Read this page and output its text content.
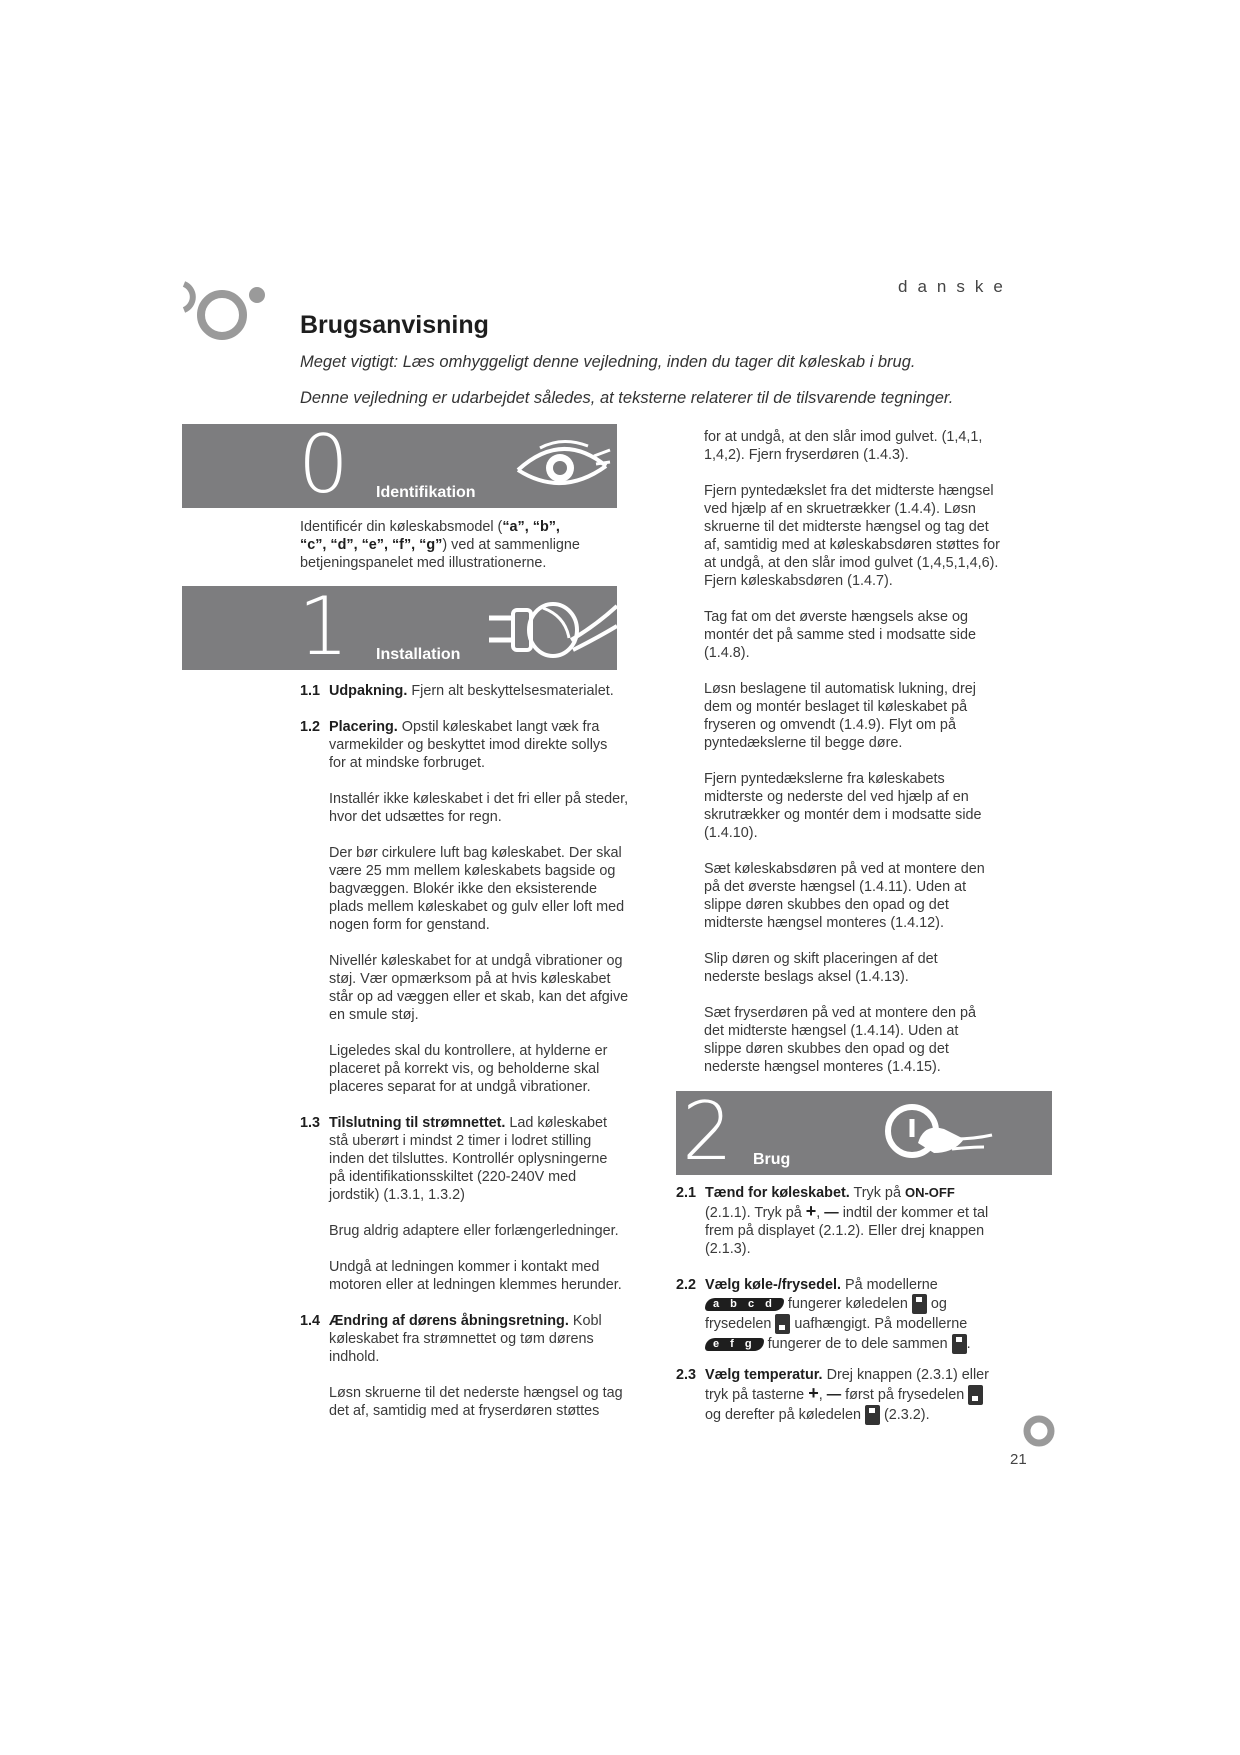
danske
Brugsanvisning
Meget vigtigt: Læs omhyggeligt denne vejledning, inden du tager dit køleskab i brug.
Denne vejledning er udarbejdet således, at teksterne relaterer til de tilsvarende tegninger.
0 Identifikation
Identificér din køleskabsmodel (“a”, “b”,
“c”, “d”, “e”, “f”, “g”) ved at sammenligne
betjeningspanelet med illustrationerne.
1 Installation
1.1 Udpakning. Fjern alt beskyttelsesmaterialet.
1.2 Placering. Opstil køleskabet langt væk fra varmekilder og beskyttet imod direkte sollys for at mindske forbruget.
Installér ikke køleskabet i det fri eller på steder, hvor det udsættes for regn.
Der bør cirkulere luft bag køleskabet. Der skal være 25 mm mellem køleskabets bagside og bagvæggen. Blokér ikke den eksisterende plads mellem køleskabet og gulv eller loft med nogen form for genstand.
Nivellér køleskabet for at undgå vibrationer og støj. Vær opmærksom på at hvis køleskabet står op ad væggen eller et skab, kan det afgive en smule støj.
Ligeledes skal du kontrollere, at hylderne er placeret på korrekt vis, og beholderne skal placeres separat for at undgå vibrationer.
1.3 Tilslutning til strømnettet. Lad køleskabet stå uberørt i mindst 2 timer i lodret stilling inden det tilsluttes. Kontrollér oplysningerne på identifikationsskiltet (220-240V med jordstik) (1.3.1, 1.3.2)
Brug aldrig adaptere eller forlængerledninger.
Undgå at ledningen kommer i kontakt med motoren eller at ledningen klemmes herunder.
1.4 Ændring af dørens åbningsretning. Kobl køleskabet fra strømnettet og tøm dørens indhold.
Løsn skruerne til det nederste hængsel og tag det af, samtidig med at fryserdøren støttes
for at undgå, at den slår imod gulvet. (1,4,1, 1,4,2). Fjern fryserdøren (1.4.3).
Fjern pyntedækslet fra det midterste hængsel ved hjælp af en skruetrækker (1.4.4). Løsn skruerne til det midterste hængsel og tag det af, samtidig med at køleskabsdøren støttes for at undgå, at den slår imod gulvet (1,4,5,1,4,6). Fjern køleskabsdøren (1.4.7).
Tag fat om det øverste hængsels akse og montér det på samme sted i modsatte side (1.4.8).
Løsn beslagene til automatisk lukning, drej dem og montér beslaget til køleskabet på fryseren og omvendt (1.4.9). Flyt om på pyntedækslerne til begge døre.
Fjern pyntedækslerne fra køleskabets midterste og nederste del ved hjælp af en skrutrækker og montér dem i modsatte side (1.4.10).
Sæt køleskabsdøren på ved at montere den på det øverste hængsel (1.4.11). Uden at slippe døren skubbes den opad og det midterste hængsel monteres (1.4.12).
Slip døren og skift placeringen af det nederste beslags aksel (1.4.13).
Sæt fryserdøren på ved at montere den på det midterste hængsel (1.4.14). Uden at slippe døren skubbes den opad og det nederste hængsel monteres (1.4.15).
2 Brug
2.1 Tænd for køleskabet. Tryk på ON-OFF (2.1.1). Tryk på +, — indtil der kommer et tal frem på displayet (2.1.2). Eller drej knappen (2.1.3).
2.2 Vælg køle-/frysedel. På modellerne
a b c d fungerer køledelen og
frysedelen uafhængigt. På modellerne
e f g fungerer de to dele sammen .
2.3 Vælg temperatur. Drej knappen (2.3.1) eller tryk på tasterne +, — først på frysedelen  og derefter på køledelen (2.3.2).
21
